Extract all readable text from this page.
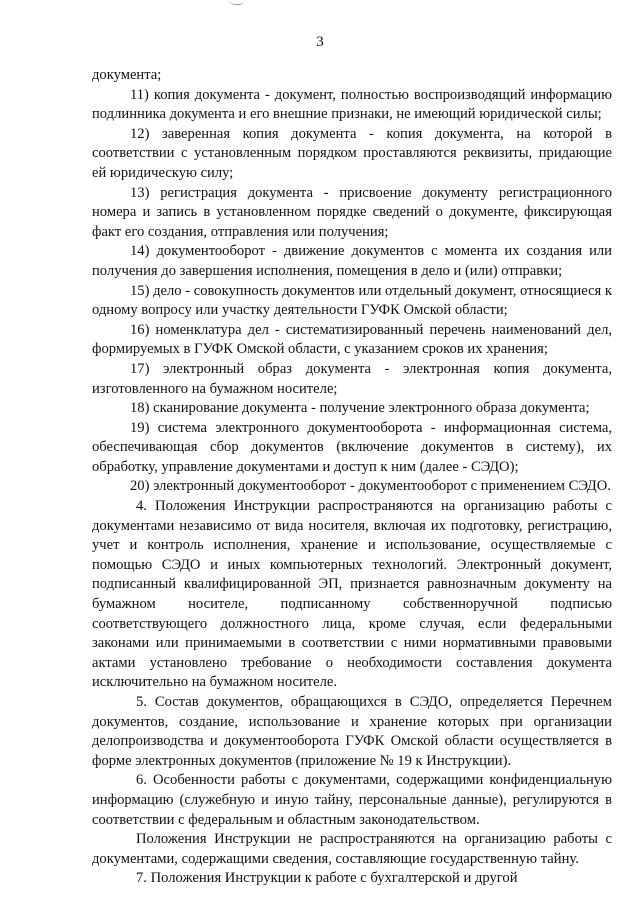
3

документа;

11) копия документа - документ, полностью воспроизводящий информацию подлинника документа и его внешние признаки, не имеющий юридической силы;

12) заверенная копия документа - копия документа, на которой в соответствии с установленным порядком проставляются реквизиты, придающие ей юридическую силу;

13) регистрация документа - присвоение документу регистрационного номера и запись в установленном порядке сведений о документе, фиксирующая факт его создания, отправления или получения;

14) документооборот - движение документов с момента их создания или получения до завершения исполнения, помещения в дело и (или) отправки;

15) дело - совокупность документов или отдельный документ, относящиеся к одному вопросу или участку деятельности ГУФК Омской области;

16) номенклатура дел - систематизированный перечень наименований дел, формируемых в ГУФК Омской области, с указанием сроков их хранения;

17) электронный образ документа - электронная копия документа, изготовленного на бумажном носителе;

18) сканирование документа - получение электронного образа документа;

19) система электронного документооборота - информационная система, обеспечивающая сбор документов (включение документов в систему), их обработку, управление документами и доступ к ним (далее - СЭДО);

20) электронный документооборот - документооборот с применением СЭДО.

4. Положения Инструкции распространяются на организацию работы с документами независимо от вида носителя, включая их подготовку, регистрацию, учет и контроль исполнения, хранение и использование, осуществляемые с помощью СЭДО и иных компьютерных технологий. Электронный документ, подписанный квалифицированной ЭП, признается равнозначным документу на бумажном носителе, подписанному собственноручной подписью соответствующего должностного лица, кроме случая, если федеральными законами или принимаемыми в соответствии с ними нормативными правовыми актами установлено требование о необходимости составления документа исключительно на бумажном носителе.

5. Состав документов, обращающихся в СЭДО, определяется Перечнем документов, создание, использование и хранение которых при организации делопроизводства и документооборота ГУФК Омской области осуществляется в форме электронных документов (приложение № 19 к Инструкции).

6. Особенности работы с документами, содержащими конфиденциальную информацию (служебную и иную тайну, персональные данные), регулируются в соответствии с федеральным и областным законодательством.

Положения Инструкции не распространяются на организацию работы с документами, содержащими сведения, составляющие государственную тайну.

7. Положения Инструкции к работе с бухгалтерской и другой
